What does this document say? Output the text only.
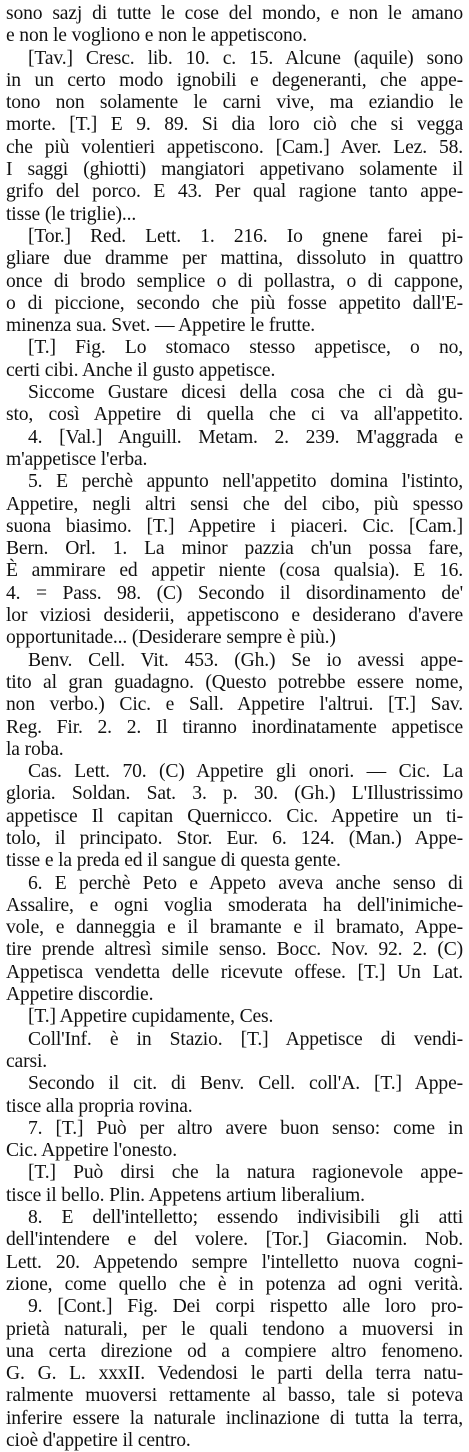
sono sazj di tutte le cose del mondo, e non le amano
e non le vogliono e non le appetiscono.
[Tav.] Cresc. lib. 10. c. 15. Alcune (aquile) sono
in un certo modo ignobili e degeneranti, che appe-
tono non solamente le carni vive, ma eziandio le
morte. [T.] E 9. 89. Si dia loro ciò che si vegga
che più volentieri appetiscono. [Cam.] Aver. Lez. 58.
I saggi (ghiotti) mangiatori appetivano solamente il
grifo del porco. E 43. Per qual ragione tanto appe-
tisse (le triglie)...
[Tor.] Red. Lett. 1. 216. Io gnene farei pi-
gliare due dramme per mattina, dissoluto in quattro
once di brodo semplice o di pollastra, o di cappone,
o di piccione, secondo che più fosse appetito dall'E-
minenza sua. Svet. — Appetire le frutte.
[T.] Fig. Lo stomaco stesso appetisce, o no,
certi cibi. Anche il gusto appetisce.
Siccome Gustare dicesi della cosa che ci dà gu-
sto, così Appetire di quella che ci va all'appetito.
4. [Val.] Anguill. Metam. 2. 239. M'aggrada e
m'appetisce l'erba.
5. E perchè appunto nell'appetito domina l'istinto,
Appetire, negli altri sensi che del cibo, più spesso
suona biasimo. [T.] Appetire i piaceri. Cic. [Cam.]
Bern. Orl. 1. La minor pazzia ch'un possa fare,
È ammirare ed appetir niente (cosa qualsia). E 16.
4. = Pass. 98. (C) Secondo il disordinamento de'
lor viziosi desiderii, appetiscono e desiderano d'avere
opportunitade... (Desiderare sempre è più.)
Benv. Cell. Vit. 453. (Gh.) Se io avessi appe-
tito al gran guadagno. (Questo potrebbe essere nome,
non verbo.) Cic. e Sall. Appetire l'altrui. [T.] Sav.
Reg. Fir. 2. 2. Il tiranno inordinatamente appetisce
la roba.
Cas. Lett. 70. (C) Appetire gli onori. — Cic. La
gloria. Soldan. Sat. 3. p. 30. (Gh.) L'Illustrissimo
appetisce Il capitan Quernicco. Cic. Appetire un ti-
tolo, il principato. Stor. Eur. 6. 124. (Man.) Appe-
tisse e la preda ed il sangue di questa gente.
6. E perchè Peto e Appeto aveva anche senso di
Assalire, e ogni voglia smoderata ha dell'inimiche-
vole, e danneggia e il bramante e il bramato, Appe-
tire prende altresì simile senso. Bocc. Nov. 92. 2. (C)
Appetisca vendetta delle ricevute offese. [T.] Un Lat.
Appetire discordie.
[T.] Appetire cupidamente, Ces.
Coll'Inf. è in Stazio. [T.] Appetisce di vendi-
carsi.
Secondo il cit. di Benv. Cell. coll'A. [T.] Appe-
tisce alla propria rovina.
7. [T.] Può per altro avere buon senso: come in
Cic. Appetire l'onesto.
[T.] Può dirsi che la natura ragionevole appe-
tisce il bello. Plin. Appetens artium liberalium.
8. E dell'intelletto; essendo indivisibili gli atti
dell'intendere e del volere. [Tor.] Giacomin. Nob.
Lett. 20. Appetendo sempre l'intelletto nuova cogni-
zione, come quello che è in potenza ad ogni verità.
9. [Cont.] Fig. Dei corpi rispetto alle loro pro-
prietà naturali, per le quali tendono a muoversi in
una certa direzione od a compiere altro fenomeno.
G. G. L. xxxII. Vedendosi le parti della terra natu-
ralmente muoversi rettamente al basso, tale si poteva
inferire essere la naturale inclinazione di tutta la terra,
cioè d'appetire il centro.
